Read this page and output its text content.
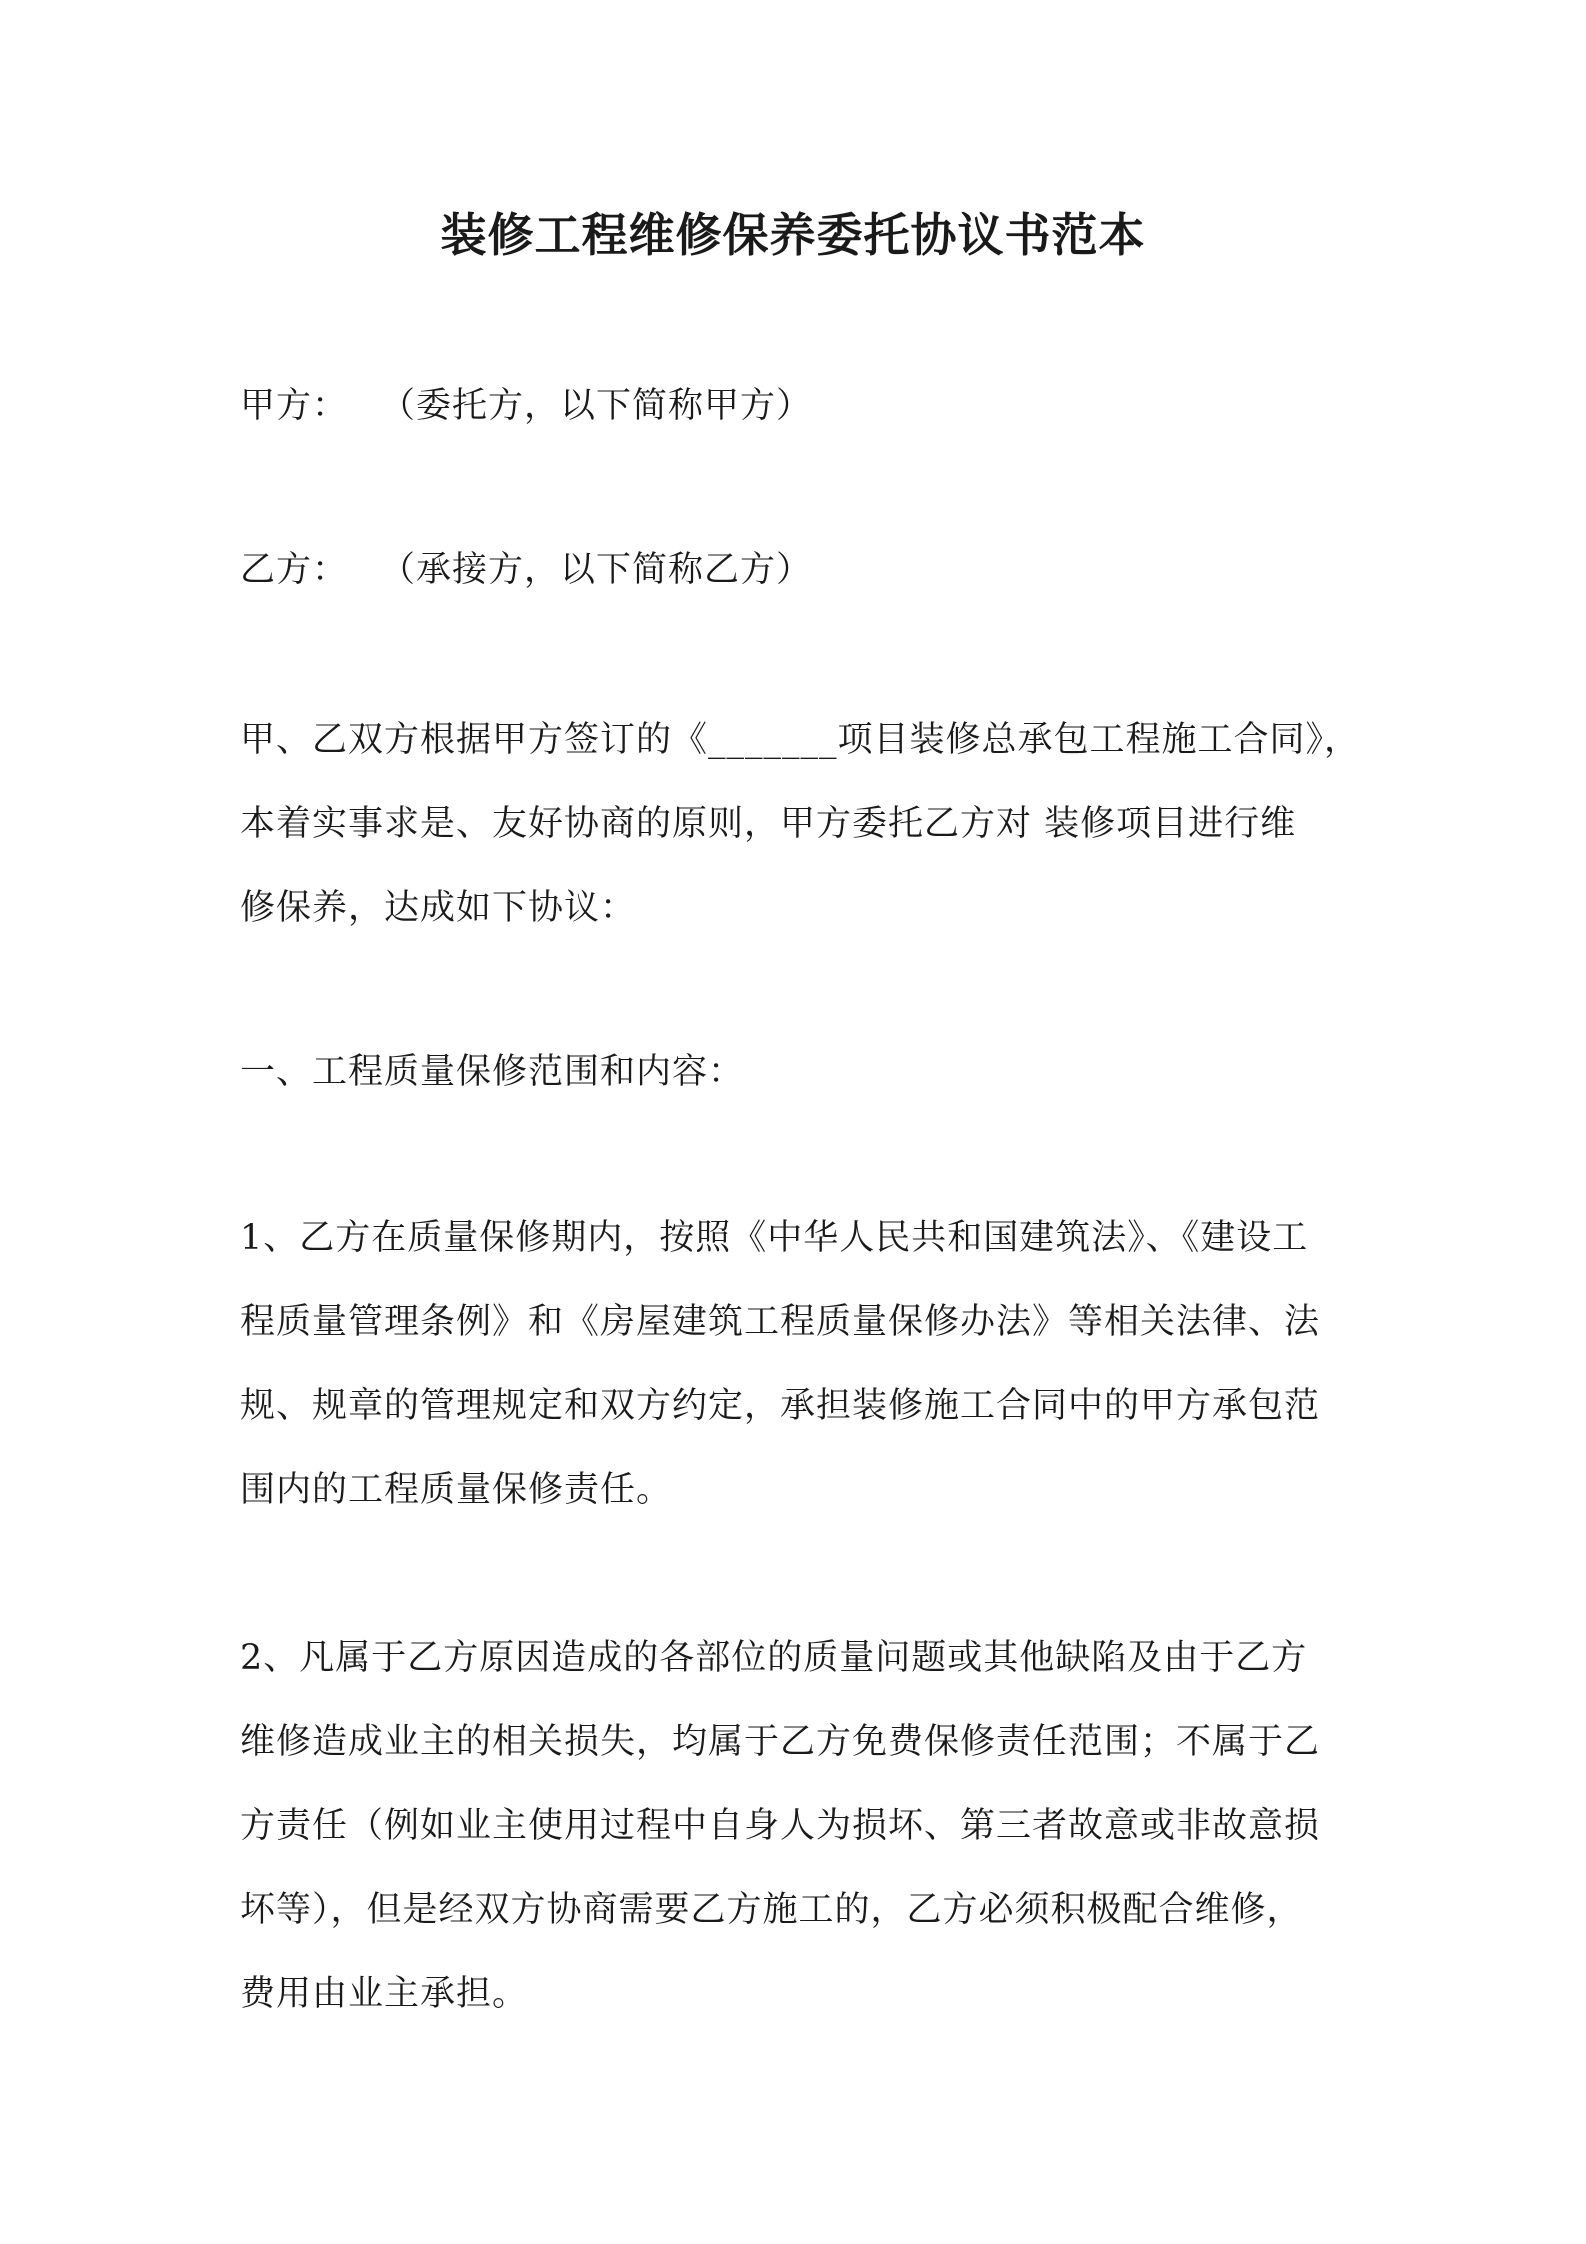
装修工程维修保养委托协议书范本
甲方： （委托方，以下简称甲方）
乙方： （承接方，以下简称乙方）
甲、乙双方根据甲方签订的《_______项目装修总承包工程施工合同》，
本着实事求是、友好协商的原则，甲方委托乙方对 装修项目进行维
修保养，达成如下协议：
一、工程质量保修范围和内容：
1、乙方在质量保修期内，按照《中华人民共和国建筑法》、《建设工
程质量管理条例》和《房屋建筑工程质量保修办法》等相关法律、法
规、规章的管理规定和双方约定，承担装修施工合同中的甲方承包范
围内的工程质量保修责任。
2、凡属于乙方原因造成的各部位的质量问题或其他缺陷及由于乙方
维修造成业主的相关损失，均属于乙方免费保修责任范围；不属于乙
方责任（例如业主使用过程中自身人为损坏、第三者故意或非故意损
坏等），但是经双方协商需要乙方施工的，乙方必须积极配合维修，
费用由业主承担。
